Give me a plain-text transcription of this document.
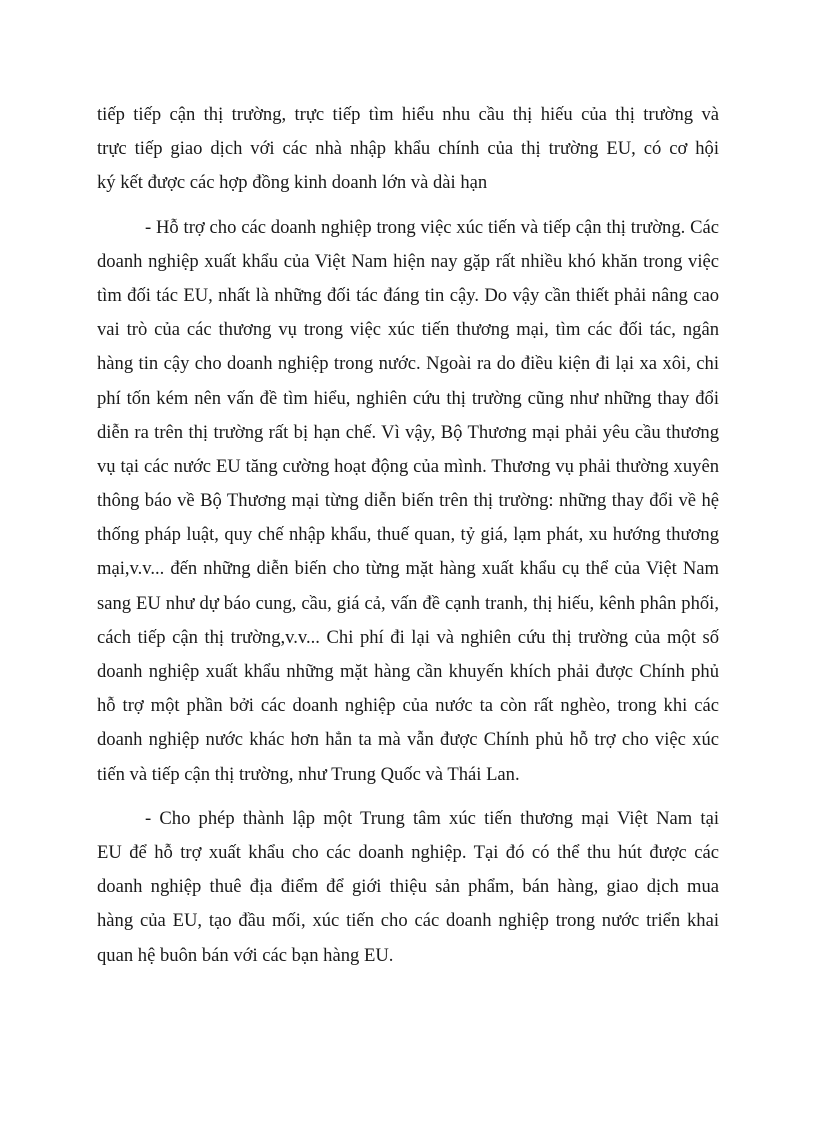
tiếp tiếp cận thị trường, trực tiếp tìm hiểu nhu cầu thị hiếu của thị trường và
trực tiếp giao dịch với các nhà nhập khẩu chính của thị trường EU, có cơ hội
ký kết được các hợp đồng kinh doanh lớn và dài hạn
- Hỗ trợ cho các doanh nghiệp trong việc xúc tiến và tiếp cận thị trường. Các
doanh nghiệp xuất khẩu của Việt Nam hiện nay gặp rất nhiều khó khăn trong việc
tìm đối tác EU, nhất là những đối tác đáng tin cậy. Do vậy cần thiết phải nâng cao
vai trò của các thương vụ trong việc xúc tiến thương mại, tìm các đối tác, ngân
hàng tin cậy cho doanh nghiệp trong nước. Ngoài ra do điều kiện đi lại xa xôi, chi
phí tốn kém nên vấn đề tìm hiểu, nghiên cứu thị trường cũng như những thay đổi
diễn ra trên thị trường rất bị hạn chế. Vì vậy, Bộ Thương mại phải yêu cầu thương
vụ tại các nước EU tăng cường hoạt động của mình. Thương vụ phải thường xuyên
thông báo về Bộ Thương mại từng diễn biến trên thị trường: những thay đổi về hệ
thống pháp luật, quy chế nhập khẩu, thuế quan, tỷ giá, lạm phát, xu hướng thương
mại,v.v... đến những diễn biến cho từng mặt hàng xuất khẩu cụ thể của Việt Nam
sang EU như dự báo cung, cầu, giá cả, vấn đề cạnh tranh, thị hiếu, kênh phân phối,
cách tiếp cận thị trường,v.v... Chi phí đi lại và nghiên cứu thị trường của một số
doanh nghiệp xuất khẩu những mặt hàng cần khuyến khích phải được Chính phủ
hỗ trợ một phần bởi các doanh nghiệp của nước ta còn rất nghèo, trong khi các
doanh nghiệp nước khác hơn hẳn ta mà vẫn được Chính phủ hỗ trợ cho việc xúc
tiến và tiếp cận thị trường, như Trung Quốc và Thái Lan.
- Cho phép thành lập một Trung tâm xúc tiến thương mại Việt Nam tại
EU để hỗ trợ xuất khẩu cho các doanh nghiệp. Tại đó có thể thu hút được các
doanh nghiệp thuê địa điểm để giới thiệu sản phẩm, bán hàng, giao dịch mua
hàng của EU, tạo đầu mối, xúc tiến cho các doanh nghiệp trong nước triển khai
quan hệ buôn bán với các bạn hàng EU.
